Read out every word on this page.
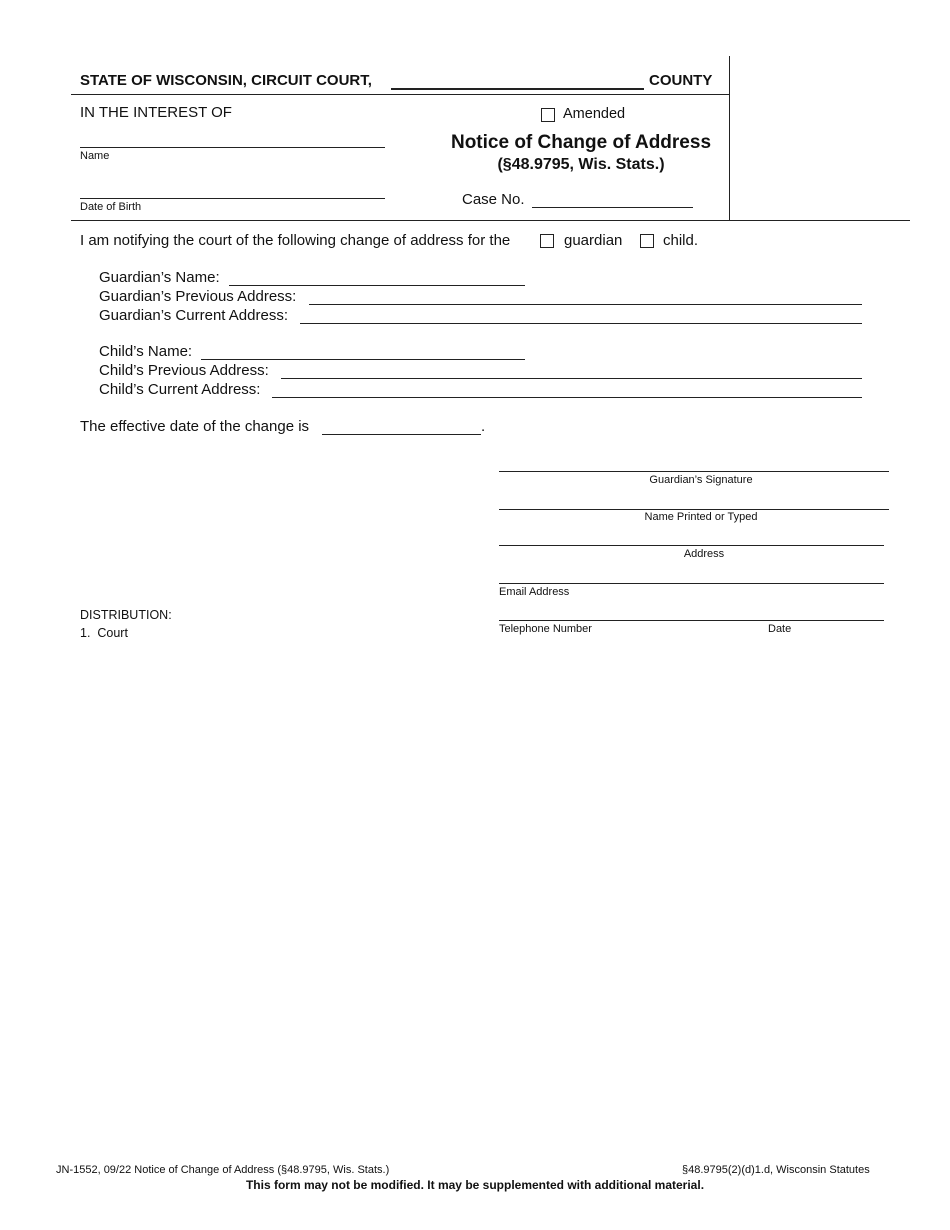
STATE OF WISCONSIN, CIRCUIT COURT,	COUNTY
IN THE INTEREST OF
Name
Date of Birth
Amended
Notice of Change of Address
(§48.9795, Wis. Stats.)
Case No.
I am notifying the court of the following change of address for the	guardian	child.
Guardian’s Name:
Guardian’s Previous Address:
Guardian’s Current Address:
Child’s Name:
Child’s Previous Address:
Child’s Current Address:
The effective date of the change is	.
Guardian’s Signature
Name Printed or Typed
Address
Email Address
Telephone Number	Date
DISTRIBUTION:
1.  Court
JN-1552, 09/22 Notice of Change of Address (§48.9795, Wis. Stats.)	§48.9795(2)(d)1.d, Wisconsin Statutes
This form may not be modified. It may be supplemented with additional material.
